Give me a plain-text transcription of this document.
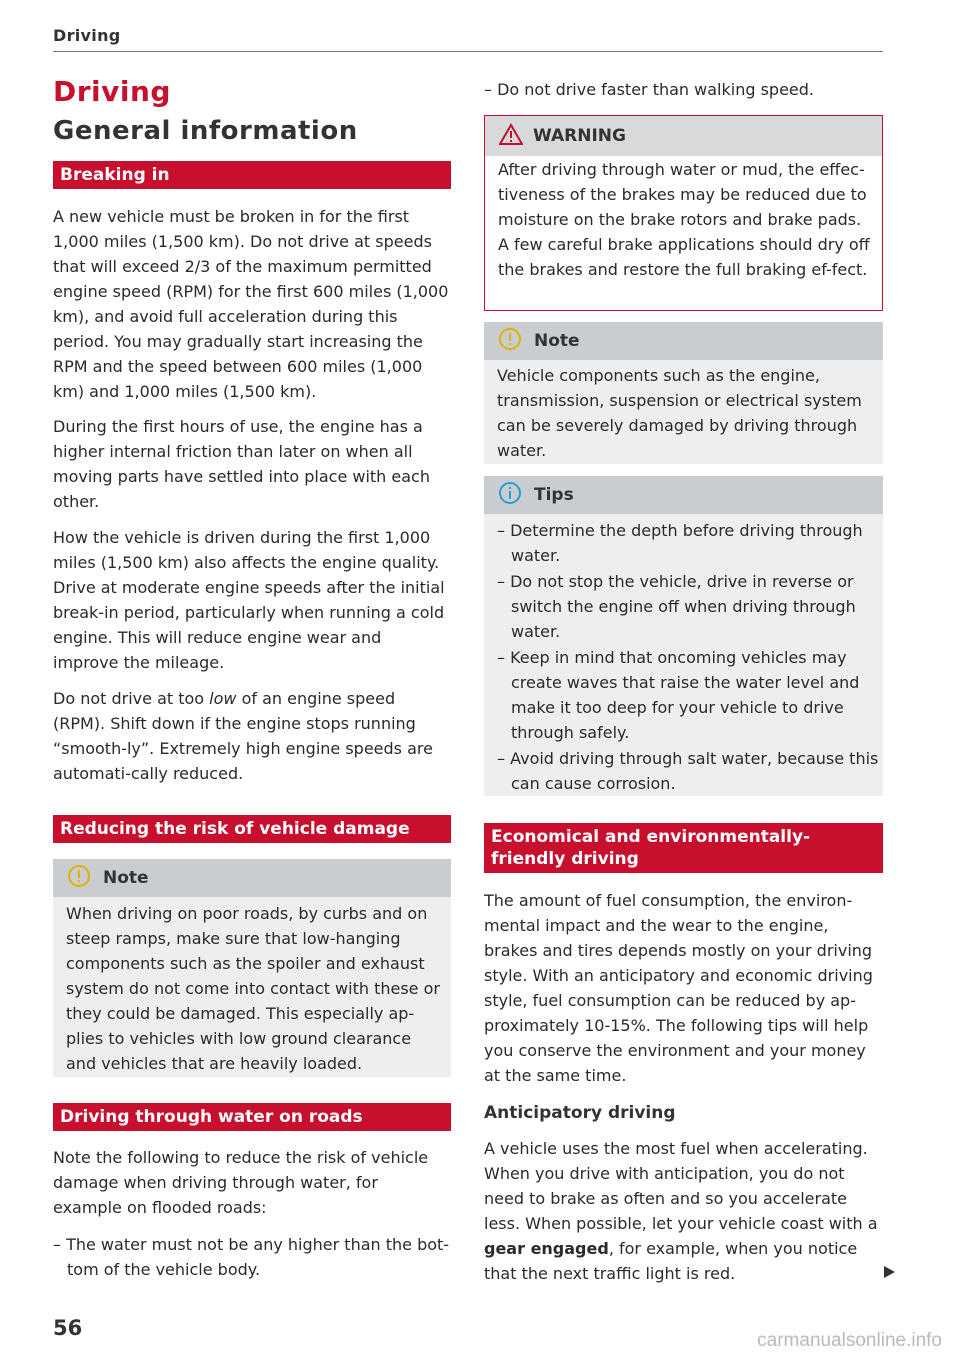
Driving
Driving
General information
Breaking in

A new vehicle must be broken in for the first 1,000 miles (1,500 km). Do not drive at speeds that will exceed 2/3 of the maximum permitted engine speed (RPM) for the first 600 miles (1,000 km), and avoid full acceleration during this period. You may gradually start increasing the RPM and the speed between 600 miles (1,000 km) and 1,000 miles (1,500 km).

During the first hours of use, the engine has a higher internal friction than later on when all moving parts have settled into place with each other.

How the vehicle is driven during the first 1,000 miles (1,500 km) also affects the engine quality. Drive at moderate engine speeds after the initial break-in period, particularly when running a cold engine. This will reduce engine wear and improve the mileage.

Do not drive at too low of an engine speed (RPM). Shift down if the engine stops running “smooth-ly”. Extremely high engine speeds are automati-cally reduced.

Reducing the risk of vehicle damage
Note

When driving on poor roads, by curbs and on steep ramps, make sure that low-hanging components such as the spoiler and exhaust system do not come into contact with these or they could be damaged. This especially ap-plies to vehicles with low ground clearance and vehicles that are heavily loaded.

Driving through water on roads

Note the following to reduce the risk of vehicle damage when driving through water, for example on flooded roads:

– The water must not be any higher than the bot-tom of the vehicle body.

– Do not drive faster than walking speed.

WARNING

After driving through water or mud, the effec-tiveness of the brakes may be reduced due to moisture on the brake rotors and brake pads. A few careful brake applications should dry off the brakes and restore the full braking ef-fect.

Note

Vehicle components such as the engine, transmission, suspension or electrical system can be severely damaged by driving through water.

Tips

– Determine the depth before driving through water.

– Do not stop the vehicle, drive in reverse or switch the engine off when driving through water.

– Keep in mind that oncoming vehicles may create waves that raise the water level and make it too deep for your vehicle to drive through safely.

– Avoid driving through salt water, because this can cause corrosion.

Economical and environmentally-friendly driving

The amount of fuel consumption, the environ-mental impact and the wear to the engine, brakes and tires depends mostly on your driving style. With an anticipatory and economic driving style, fuel consumption can be reduced by ap-proximately 10-15%. The following tips will help you conserve the environment and your money at the same time.

Anticipatory driving

A vehicle uses the most fuel when accelerating. When you drive with anticipation, you do not need to brake as often and so you accelerate less. When possible, let your vehicle coast with a gear engaged, for example, when you notice that the next traffic light is red.

56
carmanualsonline.info
